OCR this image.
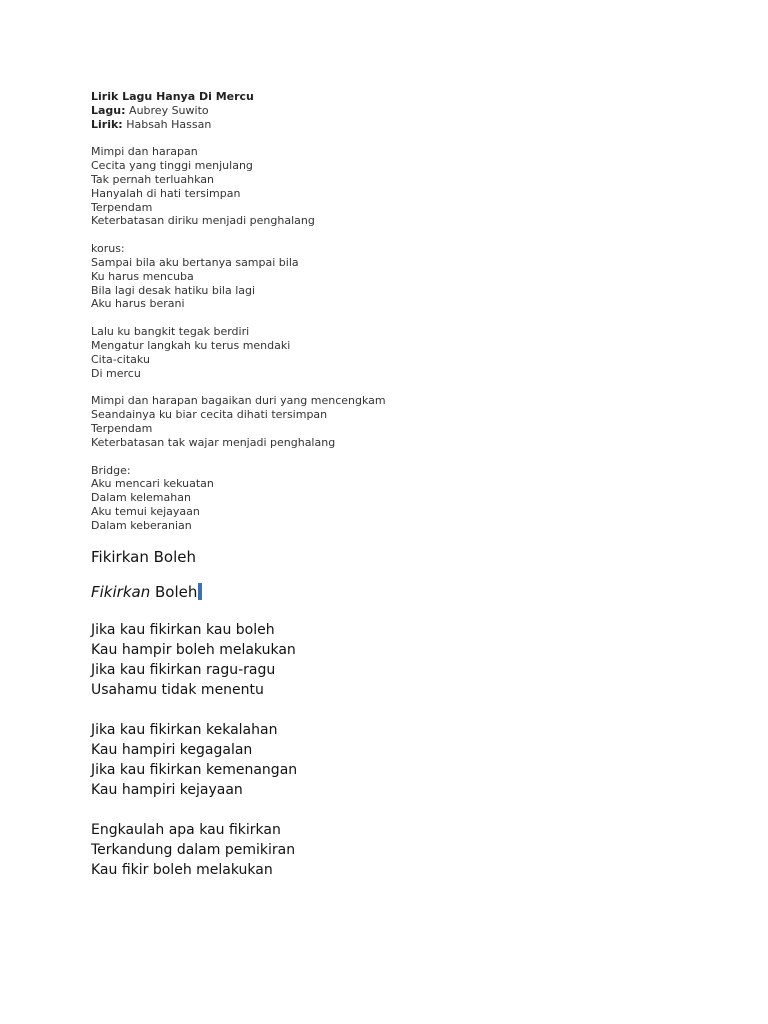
Lirik Lagu Hanya Di Mercu
Lagu: Aubrey Suwito
Lirik: Habsah Hassan
Mimpi dan harapan
Cecita yang tinggi menjulang
Tak pernah terluahkan
Hanyalah di hati tersimpan
Terpendam
Keterbatasan diriku menjadi penghalang
korus:
Sampai bila aku bertanya sampai bila
Ku harus mencuba
Bila lagi desak hatiku bila lagi
Aku harus berani
Lalu ku bangkit tegak berdiri
Mengatur langkah ku terus mendaki
Cita-citaku
Di mercu
Mimpi dan harapan bagaikan duri yang mencengkam
Seandainya ku biar cecita dihati tersimpan
Terpendam
Keterbatasan tak wajar menjadi penghalang
Bridge:
Aku mencari kekuatan
Dalam kelemahan
Aku temui kejayaan
Dalam keberanian
Fikirkan Boleh
Fikirkan Boleh
Jika kau fikirkan kau boleh
Kau hampir boleh melakukan
Jika kau fikirkan ragu-ragu
Usahamu tidak menentu
Jika kau fikirkan kekalahan
Kau hampiri kegagalan
Jika kau fikirkan kemenangan
Kau hampiri kejayaan
Engkaulah apa kau fikirkan
Terkandung dalam pemikiran
Kau fikir boleh melakukan
